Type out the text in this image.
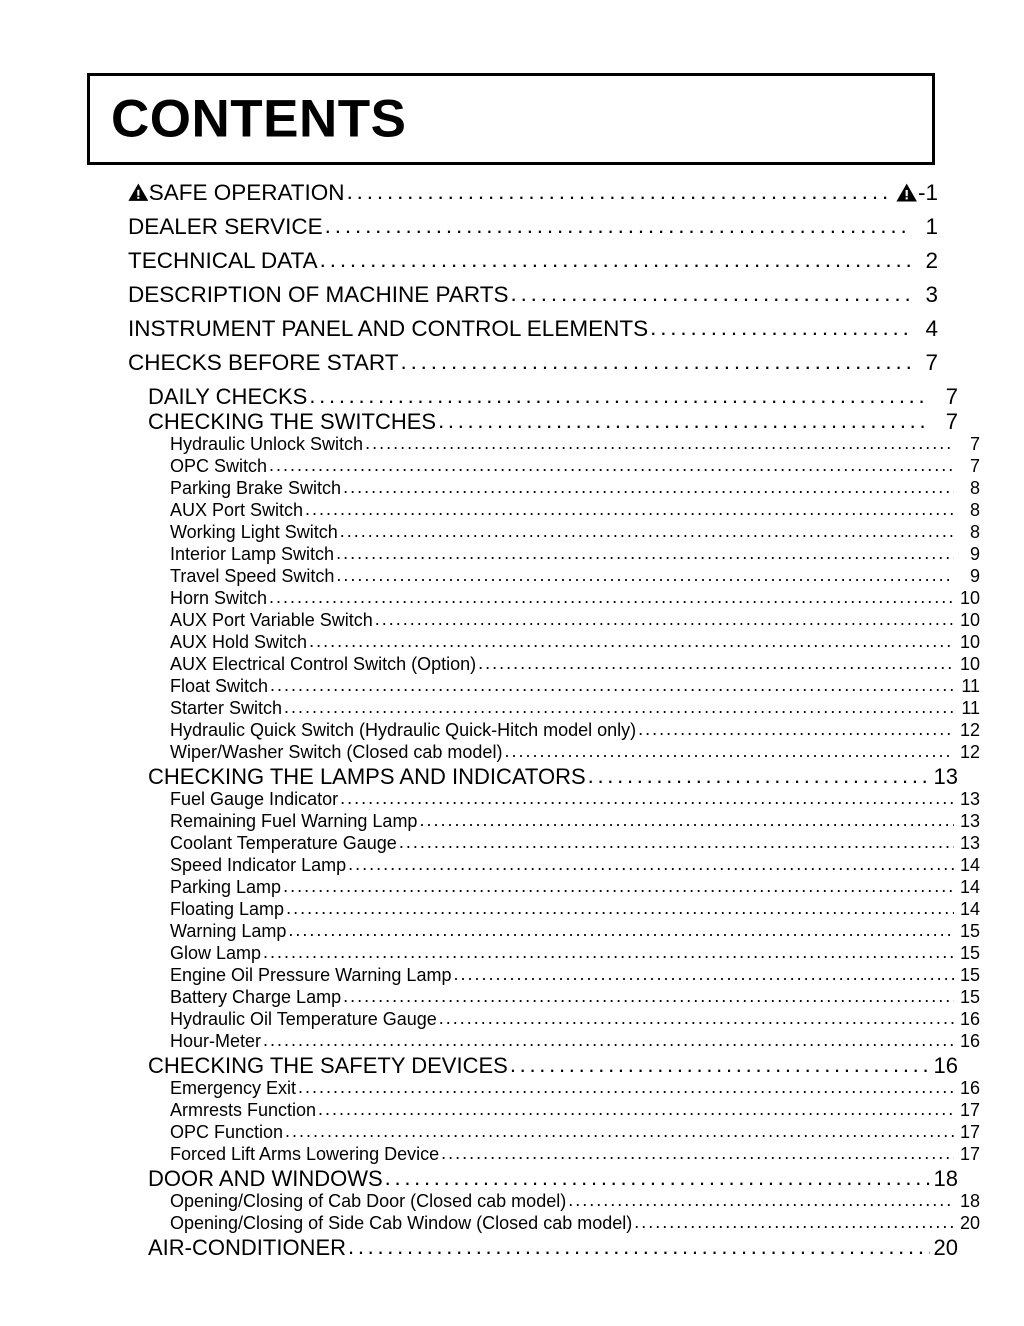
CONTENTS
SAFE OPERATION . . .	-1
DEALER SERVICE . . .	1
TECHNICAL DATA . . .	2
DESCRIPTION OF MACHINE PARTS . . .	3
INSTRUMENT PANEL AND CONTROL ELEMENTS . . .	4
CHECKS BEFORE START . . .	7
DAILY CHECKS . . .	7
CHECKING THE SWITCHES . . .	7
Hydraulic Unlock Switch . . .	7
OPC Switch . . .	7
Parking Brake Switch . . .	8
AUX Port Switch . . .	8
Working Light Switch . . .	8
Interior Lamp Switch . . .	9
Travel Speed Switch . . .	9
Horn Switch . . .	10
AUX Port Variable Switch . . .	10
AUX Hold Switch . . .	10
AUX Electrical Control Switch (Option) . . .	10
Float Switch . . .	11
Starter Switch . . .	11
Hydraulic Quick Switch (Hydraulic Quick-Hitch model only) . . .	12
Wiper/Washer Switch (Closed cab model) . . .	12
CHECKING THE LAMPS AND INDICATORS . . .	13
Fuel Gauge Indicator . . .	13
Remaining Fuel Warning Lamp . . .	13
Coolant Temperature Gauge . . .	13
Speed Indicator Lamp . . .	14
Parking Lamp . . .	14
Floating Lamp . . .	14
Warning Lamp . . .	15
Glow Lamp . . .	15
Engine Oil Pressure Warning Lamp . . .	15
Battery Charge Lamp . . .	15
Hydraulic Oil Temperature Gauge . . .	16
Hour-Meter . . .	16
CHECKING THE SAFETY DEVICES . . .	16
Emergency Exit . . .	16
Armrests Function . . .	17
OPC Function . . .	17
Forced Lift Arms Lowering Device . . .	17
DOOR AND WINDOWS . . .	18
Opening/Closing of Cab Door (Closed cab model) . . .	18
Opening/Closing of Side Cab Window (Closed cab model) . . .	20
AIR-CONDITIONER . . .	20
